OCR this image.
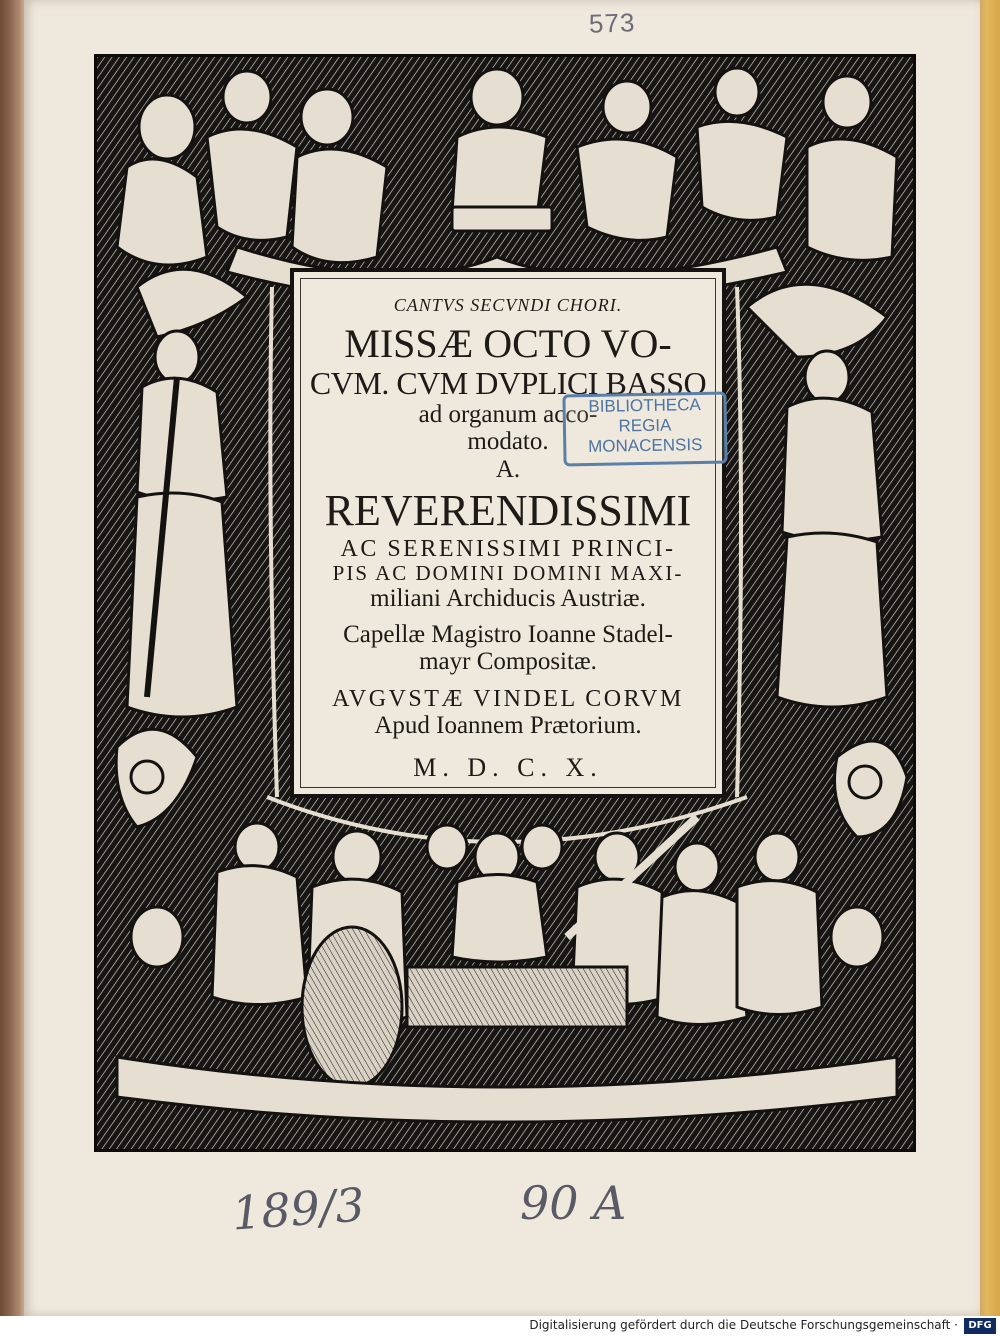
573
CANTVS SECVNDI CHORI.
MISSÆ OCTO VO-
CVM. CVM DVPLICI BASSO
ad organum acco-
modato.
A.
REVERENDISSIMI
AC SERENISSIMI PRINCI-
PIS AC DOMINI DOMINI MAXI-
miliani Archiducis Austriæ.
Capellæ Magistro Ioanne Stadel-
mayr Compositæ.
AVGVSTÆ VINDEL CORVM
Apud Ioannem Prætorium.
M. D. C. X.
BIBLIOTHECA
REGIA
MONACENSIS
189/3	90 A
Digitalisierung gefördert durch die Deutsche Forschungsgemeinschaft ·	DFG
